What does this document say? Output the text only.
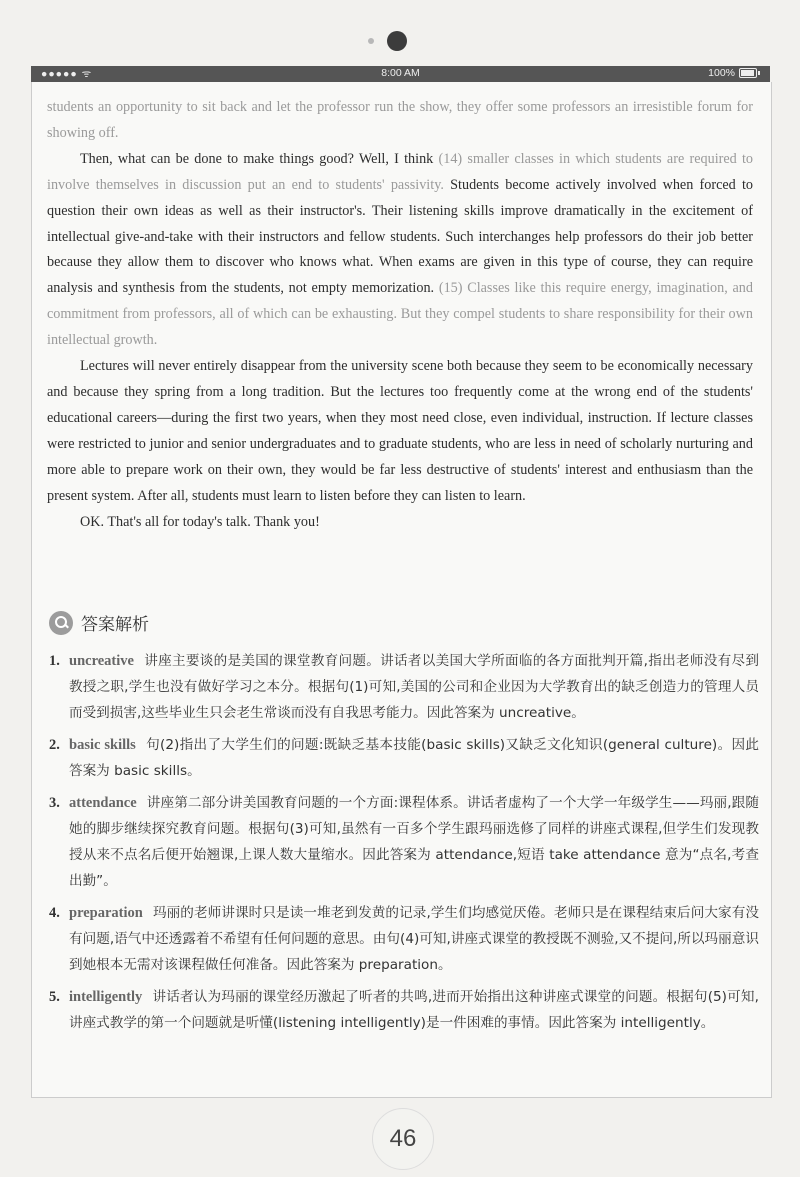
●●●●● ᯤ	8:00 AM	100%

students an opportunity to sit back and let the professor run the show, they offer some professors an irresistible forum for showing off.

Then, what can be done to make things good? Well, I think (14) smaller classes in which students are required to involve themselves in discussion put an end to students' passivity. Students become actively involved when forced to question their own ideas as well as their instructor's. Their listening skills improve dramatically in the excitement of intellectual give-and-take with their instructors and fellow students. Such interchanges help professors do their job better because they allow them to discover who knows what. When exams are given in this type of course, they can require analysis and synthesis from the students, not empty memorization. (15) Classes like this require energy, imagination, and commitment from professors, all of which can be exhausting. But they compel students to share responsibility for their own intellectual growth.

Lectures will never entirely disappear from the university scene both because they seem to be economically necessary and because they spring from a long tradition. But the lectures too frequently come at the wrong end of the students' educational careers—during the first two years, when they most need close, even individual, instruction. If lecture classes were restricted to junior and senior undergraduates and to graduate students, who are less in need of scholarly nurturing and more able to prepare work on their own, they would be far less destructive of students' interest and enthusiasm than the present system. After all, students must learn to listen before they can listen to learn.

OK. That's all for today's talk. Thank you!

答案解析
1. uncreative 讲座主要谈的是美国的课堂教育问题。讲话者以美国大学所面临的各方面批判开篇,指出老师没有尽到教授之职,学生也没有做好学习之本分。根据句(1)可知,美国的公司和企业因为大学教育出的缺乏创造力的管理人员而受到损害,这些毕业生只会老生常谈而没有自我思考能力。因此答案为 uncreative。
2. basic skills 句(2)指出了大学生们的问题:既缺乏基本技能(basic skills)又缺乏文化知识(general culture)。因此答案为 basic skills。
3. attendance 讲座第二部分讲美国教育问题的一个方面:课程体系。讲话者虚构了一个大学一年级学生——玛丽,跟随她的脚步继续探究教育问题。根据句(3)可知,虽然有一百多个学生跟玛丽选修了同样的讲座式课程,但学生们发现教授从来不点名后便开始翘课,上课人数大量缩水。因此答案为 attendance,短语 take attendance 意为“点名,考查出勤”。
4. preparation 玛丽的老师讲课时只是读一堆老到发黄的记录,学生们均感觉厌倦。老师只是在课程结束后问大家有没有问题,语气中还透露着不希望有任何问题的意思。由句(4)可知,讲座式课堂的教授既不测验,又不提问,所以玛丽意识到她根本无需对该课程做任何准备。因此答案为 preparation。
5. intelligently 讲话者认为玛丽的课堂经历激起了听者的共鸣,进而开始指出这种讲座式课堂的问题。根据句(5)可知,讲座式教学的第一个问题就是听懂(listening intelligently)是一件困难的事情。因此答案为 intelligently。
46
